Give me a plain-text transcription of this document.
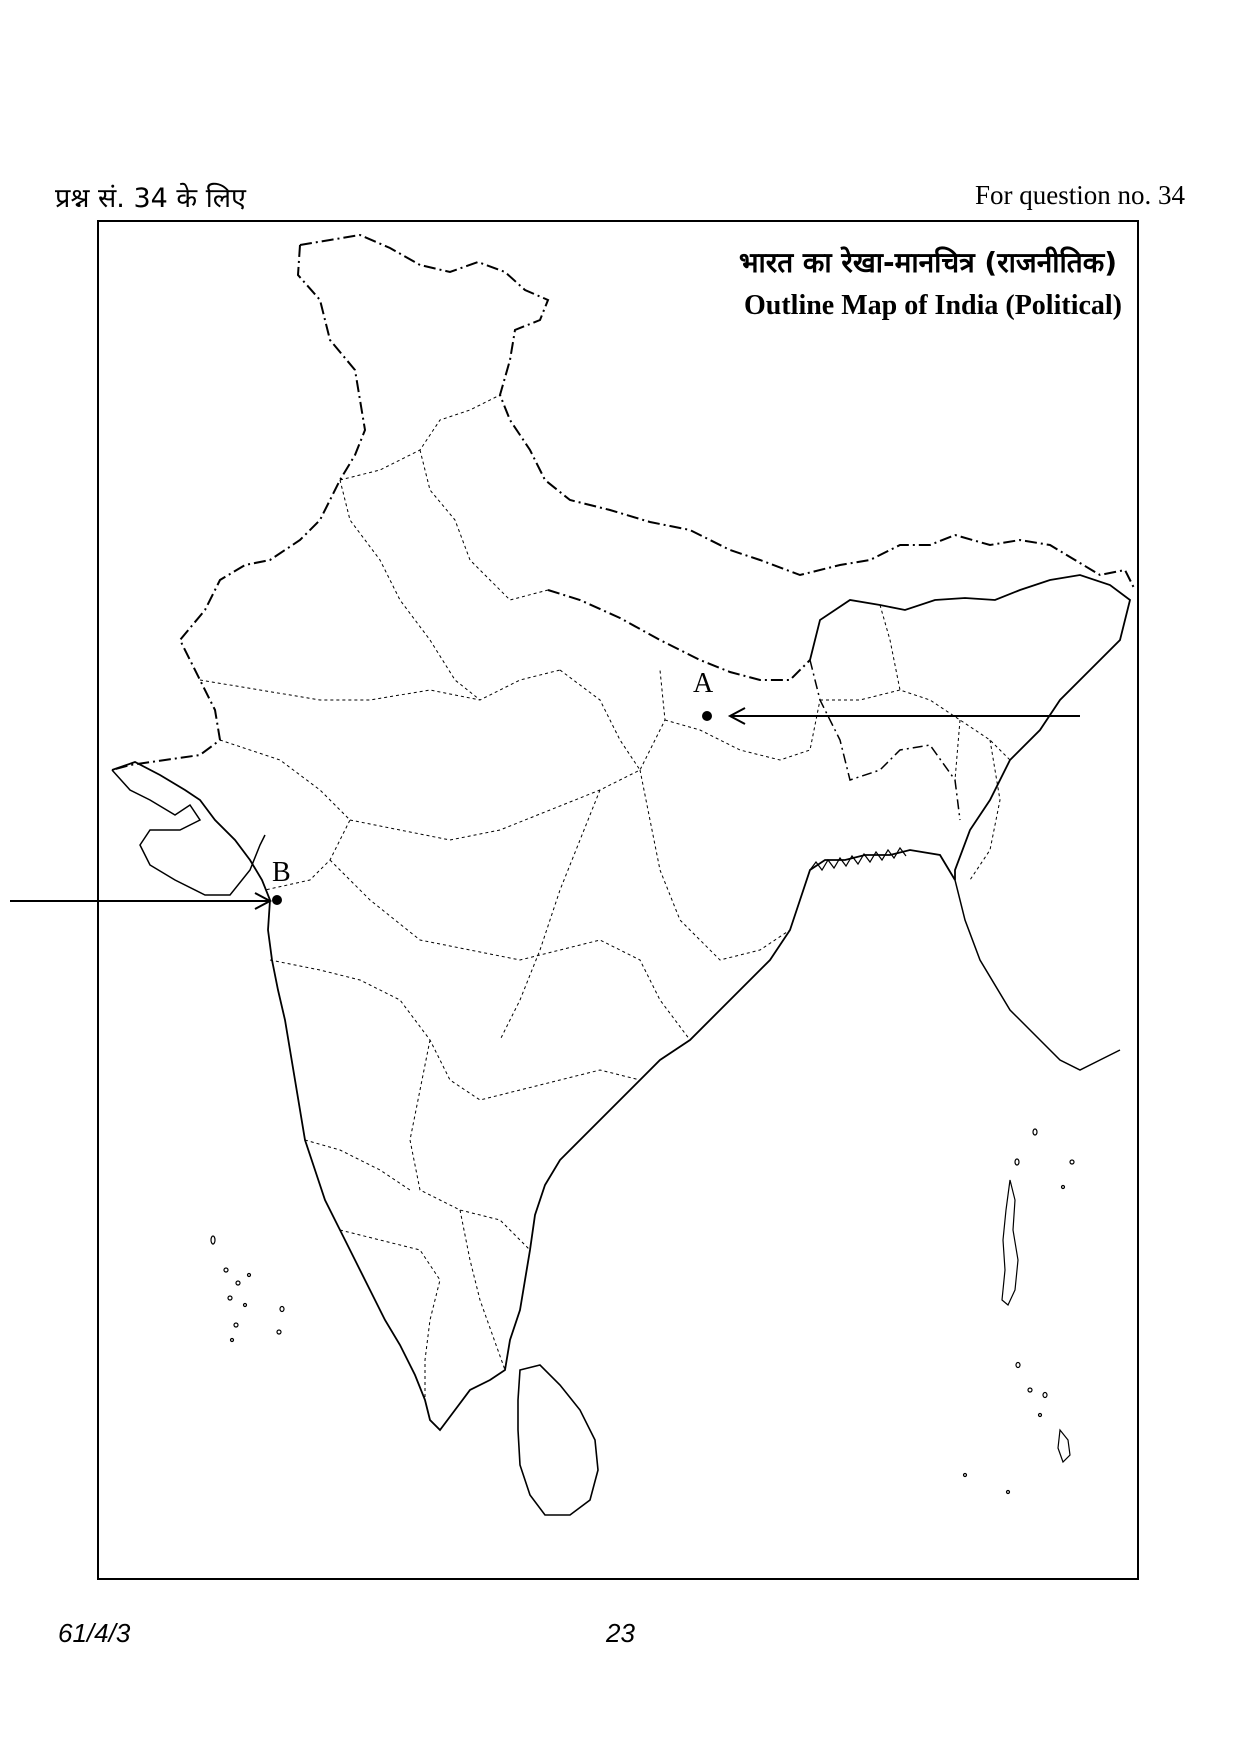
प्रश्न सं. 34 के लिए	For question no. 34
भारत का रेखा-मानचित्र (राजनीतिक)
Outline Map of India (Political)
A
B
61/4/3	23
